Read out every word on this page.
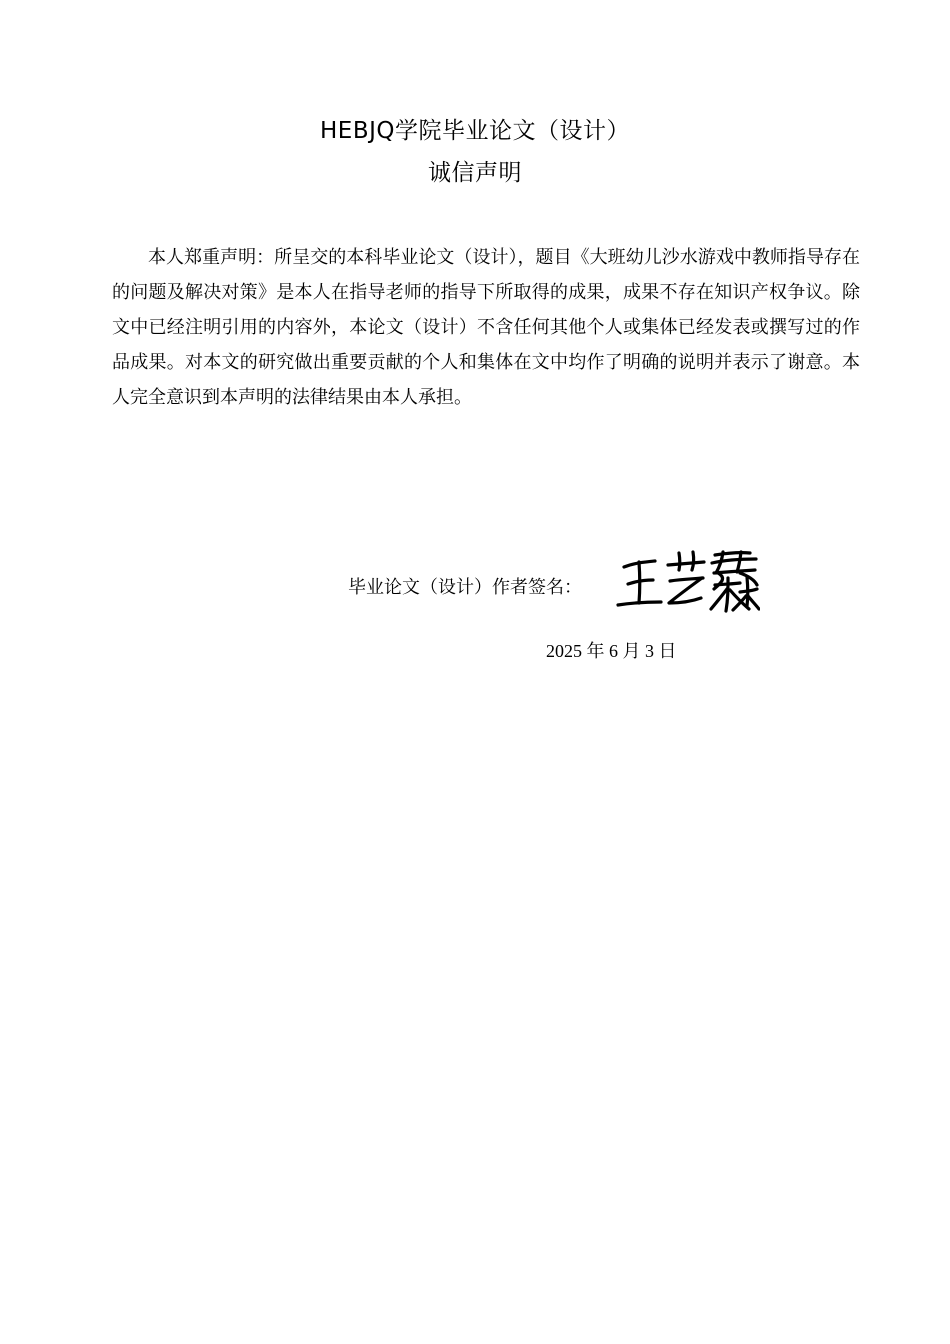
HEBJQ学院毕业论文（设计）
诚信声明

本人郑重声明：所呈交的本科毕业论文（设计），题目《大班幼儿沙水游戏中教师指导存在的问题及解决对策》是本人在指导老师的指导下所取得的成果，成果不存在知识产权争议。除文中已经注明引用的内容外，本论文（设计）不含任何其他个人或集体已经发表或撰写过的作品成果。对本文的研究做出重要贡献的个人和集体在文中均作了明确的说明并表示了谢意。本人完全意识到本声明的法律结果由本人承担。

毕业论文（设计）作者签名：
2025 年 6 月 3 日
